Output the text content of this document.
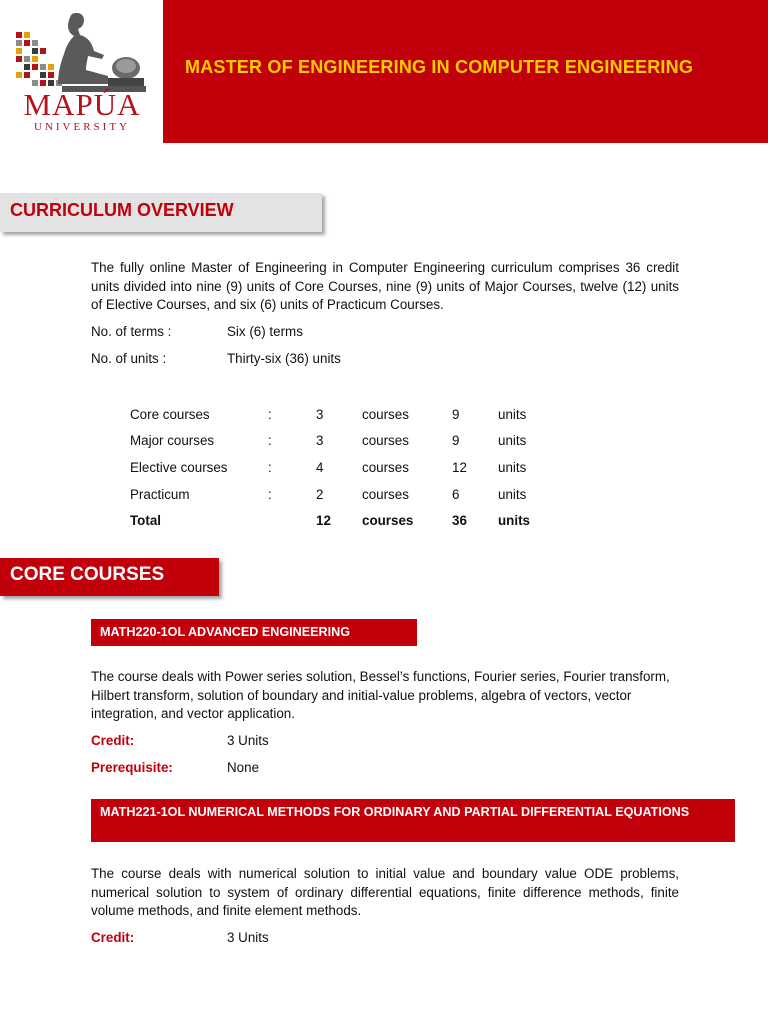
MAPÚA
UNIVERSITY
MASTER OF ENGINEERING IN COMPUTER ENGINEERING
CURRICULUM OVERVIEW
The fully online Master of Engineering in Computer Engineering curriculum comprises 36 credit units divided into nine (9) units of Core Courses, nine (9) units of Major Courses, twelve (12) units of Elective Courses, and six (6) units of Practicum Courses.
No. of terms :	Six (6) terms
No. of units :	Thirty-six (36) units
Core courses	:	3	courses	9	units
Major courses	:	3	courses	9	units
Elective courses	:	4	courses	12	units
Practicum	:	2	courses	6	units
Total		12	courses	36	units
CORE COURSES
MATH220-1OL ADVANCED ENGINEERING
The course deals with Power series solution, Bessel’s functions, Fourier series, Fourier transform, Hilbert transform, solution of boundary and initial-value problems, algebra of vectors, vector integration, and vector application.
Credit:	3 Units
Prerequisite:	None
MATH221-1OL NUMERICAL METHODS FOR ORDINARY AND PARTIAL DIFFERENTIAL EQUATIONS
The course deals with numerical solution to initial value and boundary value ODE problems, numerical solution to system of ordinary differential equations, finite difference methods, finite volume methods, and finite element methods.
Credit:	3 Units
